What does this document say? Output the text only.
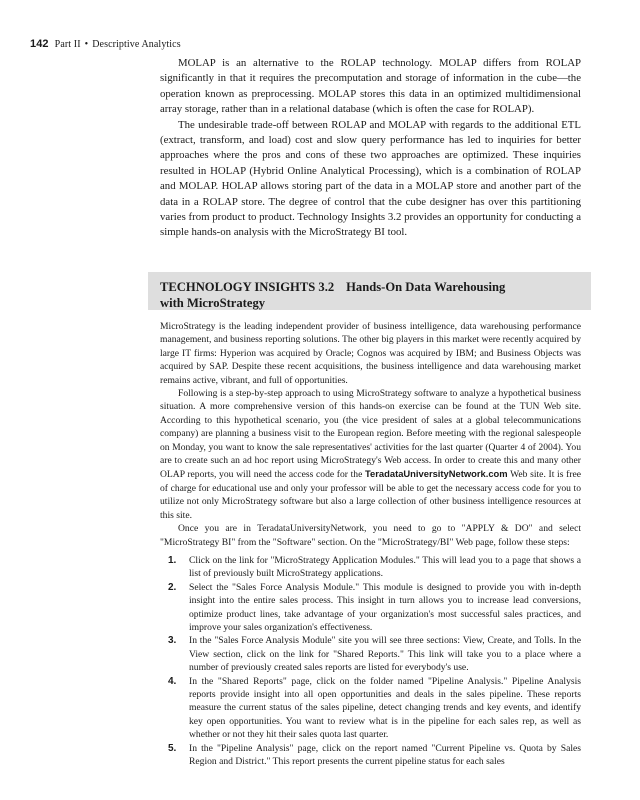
142 Part II • Descriptive Analytics

MOLAP is an alternative to the ROLAP technology. MOLAP differs from ROLAP significantly in that it requires the precomputation and storage of information in the cube—the operation known as preprocessing. MOLAP stores this data in an optimized multidimensional array storage, rather than in a relational database (which is often the case for ROLAP).

The undesirable trade-off between ROLAP and MOLAP with regards to the additional ETL (extract, transform, and load) cost and slow query performance has led to inquiries for better approaches where the pros and cons of these two approaches are optimized. These inquiries resulted in HOLAP (Hybrid Online Analytical Processing), which is a combination of ROLAP and MOLAP. HOLAP allows storing part of the data in a MOLAP store and another part of the data in a ROLAP store. The degree of control that the cube designer has over this partitioning varies from product to product. Technology Insights 3.2 provides an opportunity for conducting a simple hands-on analysis with the MicroStrategy BI tool.

TECHNOLOGY INSIGHTS 3.2 Hands-On Data Warehousing
with MicroStrategy

MicroStrategy is the leading independent provider of business intelligence, data warehousing performance management, and business reporting solutions. The other big players in this market were recently acquired by large IT firms: Hyperion was acquired by Oracle; Cognos was acquired by IBM; and Business Objects was acquired by SAP. Despite these recent acquisitions, the business intelligence and data warehousing market remains active, vibrant, and full of opportunities.

Following is a step-by-step approach to using MicroStrategy software to analyze a hypothetical business situation. A more comprehensive version of this hands-on exercise can be found at the TUN Web site. According to this hypothetical scenario, you (the vice president of sales at a global telecommunications company) are planning a business visit to the European region. Before meeting with the regional salespeople on Monday, you want to know the sale representatives' activities for the last quarter (Quarter 4 of 2004). You are to create such an ad hoc report using MicroStrategy's Web access. In order to create this and many other OLAP reports, you will need the access code for the TeradataUniversityNetwork.com Web site. It is free of charge for educational use and only your professor will be able to get the necessary access code for you to utilize not only MicroStrategy software but also a large collection of other business intelligence resources at this site.

Once you are in TeradataUniversityNetwork, you need to go to "APPLY & DO" and select "MicroStrategy BI" from the "Software" section. On the "MicroStrategy/BI" Web page, follow these steps:

1. Click on the link for "MicroStrategy Application Modules." This will lead you to a page that shows a list of previously built MicroStrategy applications.
2. Select the "Sales Force Analysis Module." This module is designed to provide you with in-depth insight into the entire sales process. This insight in turn allows you to increase lead conversions, optimize product lines, take advantage of your organization's most successful sales practices, and improve your sales organization's effectiveness.
3. In the "Sales Force Analysis Module" site you will see three sections: View, Create, and Tolls. In the View section, click on the link for "Shared Reports." This link will take you to a place where a number of previously created sales reports are listed for everybody's use.
4. In the "Shared Reports" page, click on the folder named "Pipeline Analysis." Pipeline Analysis reports provide insight into all open opportunities and deals in the sales pipeline. These reports measure the current status of the sales pipeline, detect changing trends and key events, and identify key open opportunities. You want to review what is in the pipeline for each sales rep, as well as whether or not they hit their sales quota last quarter.
5. In the "Pipeline Analysis" page, click on the report named "Current Pipeline vs. Quota by Sales Region and District." This report presents the current pipeline status for each sales
